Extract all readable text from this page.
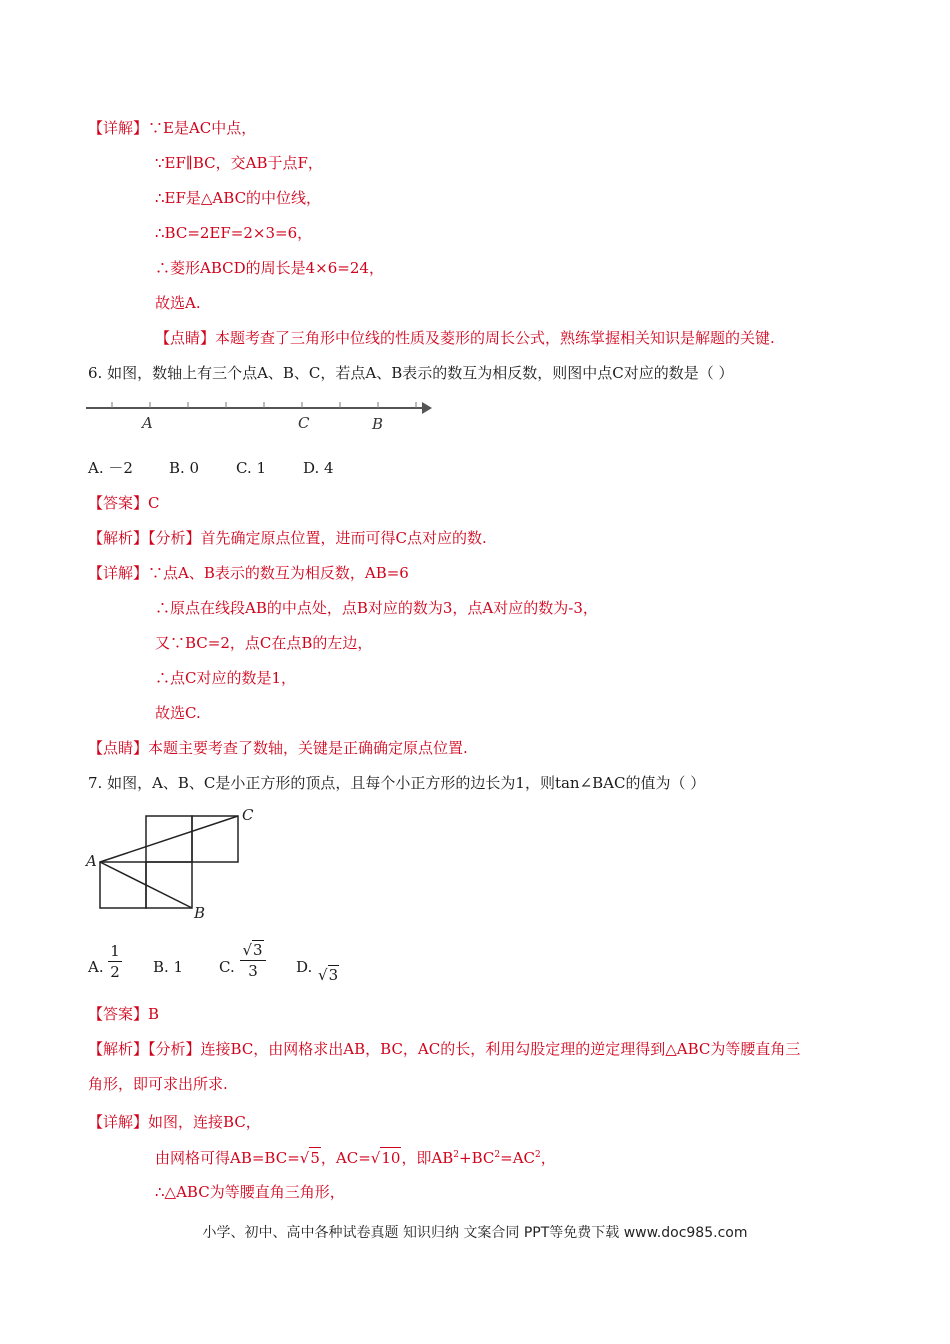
【详解】∵E是AC中点，
∵EF∥BC，交AB于点F，
∴EF是△ABC的中位线，
∴BC=2EF=2×3=6，
∴菱形ABCD的周长是4×6=24，
故选A.
【点睛】本题考查了三角形中位线的性质及菱形的周长公式，熟练掌握相关知识是解题的关键.
6. 如图，数轴上有三个点A、B、C，若点A、B表示的数互为相反数，则图中点C对应的数是（ ）
A	C	B
A. －2 B. 0 C. 1 D. 4
【答案】C
【解析】【分析】首先确定原点位置，进而可得C点对应的数.
【详解】∵点A、B表示的数互为相反数，AB=6
∴原点在线段AB的中点处，点B对应的数为3，点A对应的数为-3，
又∵BC=2，点C在点B的左边，
∴点C对应的数是1，
故选C.
【点睛】本题主要考查了数轴，关键是正确确定原点位置.
7. 如图，A、B、C是小正方形的顶点，且每个小正方形的边长为1，则tan∠BAC的值为（ ）
A
B
C
A.
1
2 B. 1 C.
√3
3	D. √3
【答案】B
【解析】【分析】连接BC，由网格求出AB，BC，AC的长，利用勾股定理的逆定理得到△ABC为等腰直角三
角形，即可求出所求.
【详解】如图，连接BC，
由网格可得AB=BC=√5，AC=√10，即$AB^2+BC^2=AC^2$，
∴△ABC为等腰直角三角形，
小学、初中、高中各种试卷真题 知识归纳 文案合同 PPT等免费下载 www.doc985.com
